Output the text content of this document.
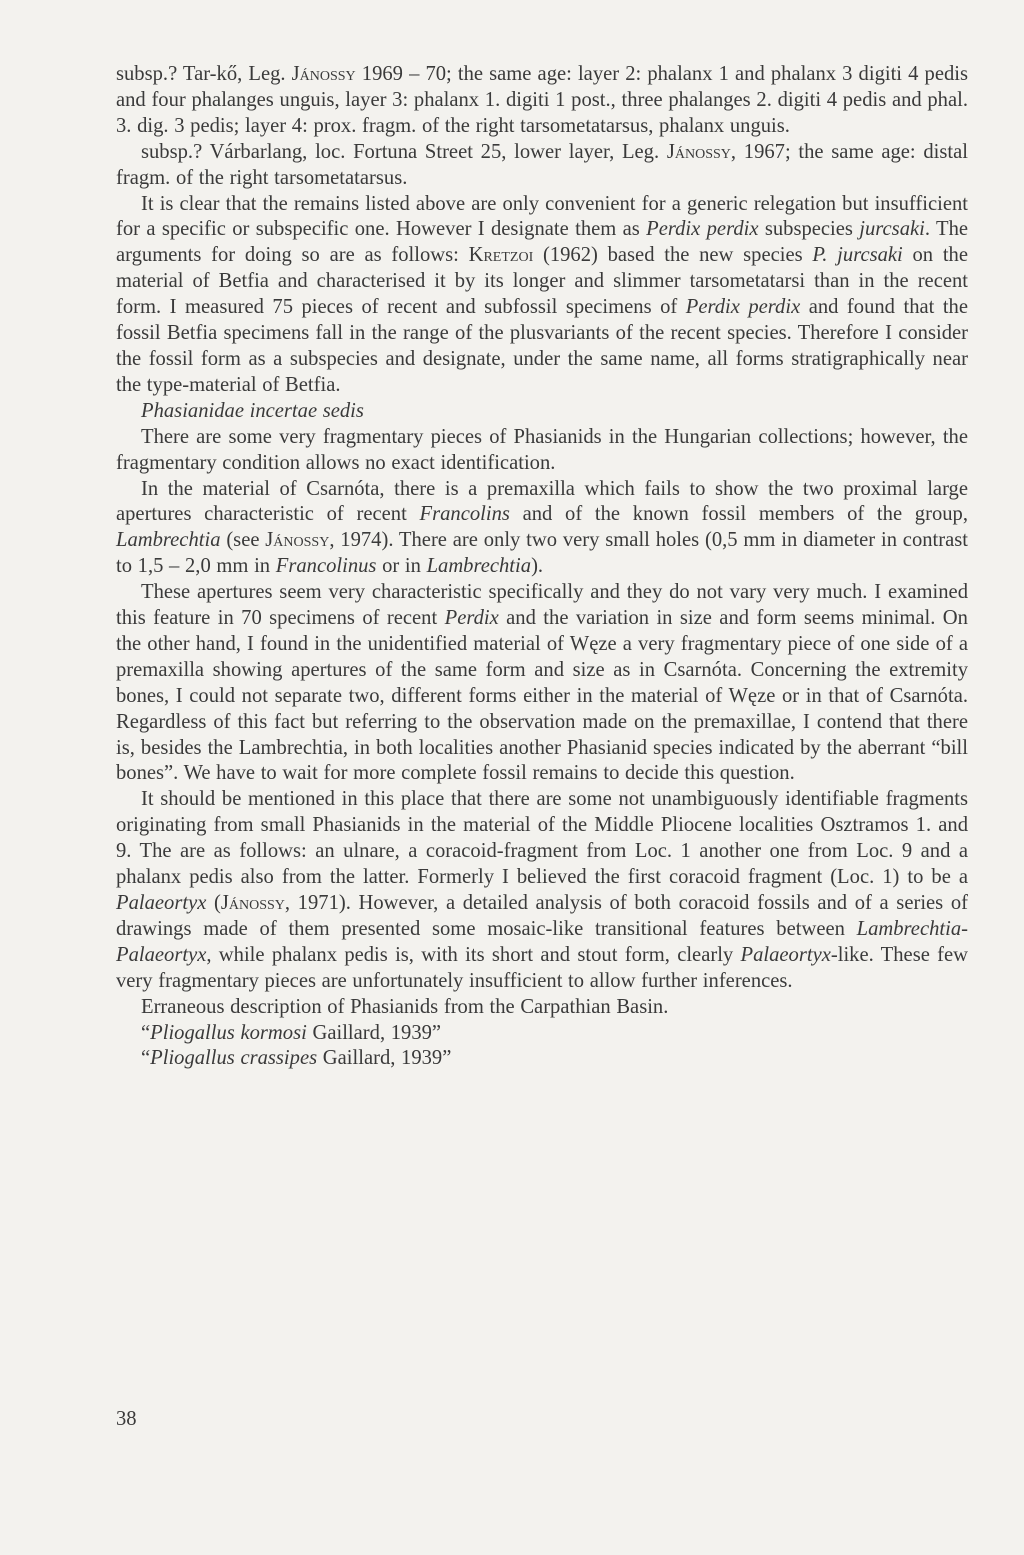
subsp.? Tar-kő, Leg. Jánossy 1969 – 70; the same age: layer 2: phalanx 1 and phalanx 3 digiti 4 pedis and four phalanges unguis, layer 3: phalanx 1. digiti 1 post., three phalanges 2. digiti 4 pedis and phal. 3. dig. 3 pedis; layer 4: prox. fragm. of the right tarsometatarsus, phalanx unguis.

subsp.? Várbarlang, loc. Fortuna Street 25, lower layer, Leg. Jánossy, 1967; the same age: distal fragm. of the right tarsometatarsus.

It is clear that the remains listed above are only convenient for a generic relegation but insufficient for a specific or subspecific one. However I designate them as Perdix perdix subspecies jurcsaki. The arguments for doing so are as follows: Kretzoi (1962) based the new species P. jurcsaki on the material of Betfia and characterised it by its longer and slimmer tarsometatarsi than in the recent form. I measured 75 pieces of recent and subfossil specimens of Perdix perdix and found that the fossil Betfia specimens fall in the range of the plusvariants of the recent species. Therefore I consider the fossil form as a subspecies and designate, under the same name, all forms stratigraphically near the type-material of Betfia.

Phasianidae incertae sedis

There are some very fragmentary pieces of Phasianids in the Hungarian collections; however, the fragmentary condition allows no exact identification.

In the material of Csarnóta, there is a premaxilla which fails to show the two proximal large apertures characteristic of recent Francolins and of the known fossil members of the group, Lambrechtia (see Jánossy, 1974). There are only two very small holes (0,5 mm in diameter in contrast to 1,5 – 2,0 mm in Francolinus or in Lambrechtia).

These apertures seem very characteristic specifically and they do not vary very much. I examined this feature in 70 specimens of recent Perdix and the variation in size and form seems minimal. On the other hand, I found in the unidentified material of Węze a very fragmentary piece of one side of a premaxilla showing apertures of the same form and size as in Csarnóta. Concerning the extremity bones, I could not separate two, different forms either in the material of Węze or in that of Csarnóta. Regardless of this fact but referring to the observation made on the premaxillae, I contend that there is, besides the Lambrechtia, in both localities another Phasianid species indicated by the aberrant “bill bones”. We have to wait for more complete fossil remains to decide this question.

It should be mentioned in this place that there are some not unambiguously identifiable fragments originating from small Phasianids in the material of the Middle Pliocene localities Osztramos 1. and 9. The are as follows: an ulnare, a coracoid-fragment from Loc. 1 another one from Loc. 9 and a phalanx pedis also from the latter. Formerly I believed the first coracoid fragment (Loc. 1) to be a Palaeortyx (Jánossy, 1971). However, a detailed analysis of both coracoid fossils and of a series of drawings made of them presented some mosaic-like transitional features between Lambrechtia-Palaeortyx, while phalanx pedis is, with its short and stout form, clearly Palaeortyx-like. These few very fragmentary pieces are unfortunately insufficient to allow further inferences.

Erraneous description of Phasianids from the Carpathian Basin.

“Pliogallus kormosi Gaillard, 1939”

“Pliogallus crassipes Gaillard, 1939”

38
